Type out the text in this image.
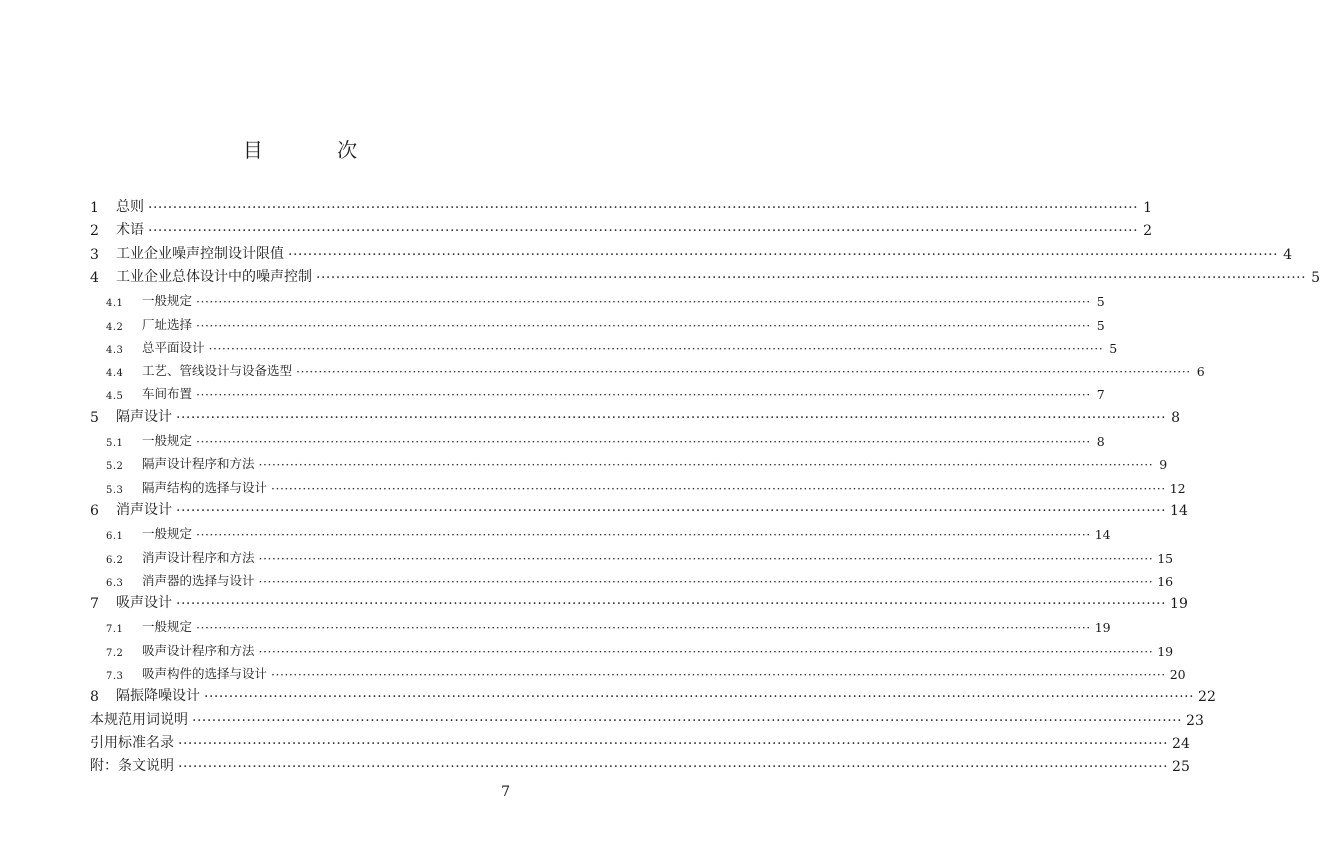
目 次
1	总则 ········································································································································································································ 1
2	术语 ········································································································································································································ 2
3	工业企业噪声控制设计限值 ········································································································································································································ 4
4	工业企业总体设计中的噪声控制 ········································································································································································································ 5
4.1	一般规定 ········································································································································································································ 5
4.2	厂址选择 ········································································································································································································ 5
4.3	总平面设计 ········································································································································································································ 5
4.4	工艺、管线设计与设备选型 ········································································································································································································ 6
4.5	车间布置 ········································································································································································································ 7
5	隔声设计 ········································································································································································································ 8
5.1	一般规定 ········································································································································································································ 8
5.2	隔声设计程序和方法 ········································································································································································································ 9
5.3	隔声结构的选择与设计 ········································································································································································································ 12
6	消声设计 ········································································································································································································ 14
6.1	一般规定 ········································································································································································································ 14
6.2	消声设计程序和方法 ········································································································································································································ 15
6.3	消声器的选择与设计 ········································································································································································································ 16
7	吸声设计 ········································································································································································································ 19
7.1	一般规定 ········································································································································································································ 19
7.2	吸声设计程序和方法 ········································································································································································································ 19
7.3	吸声构件的选择与设计 ········································································································································································································ 20
8	隔振降噪设计 ········································································································································································································ 22
本规范用词说明 ········································································································································································································ 23
引用标准名录 ········································································································································································································ 24
附：条文说明 ········································································································································································································ 25
7
